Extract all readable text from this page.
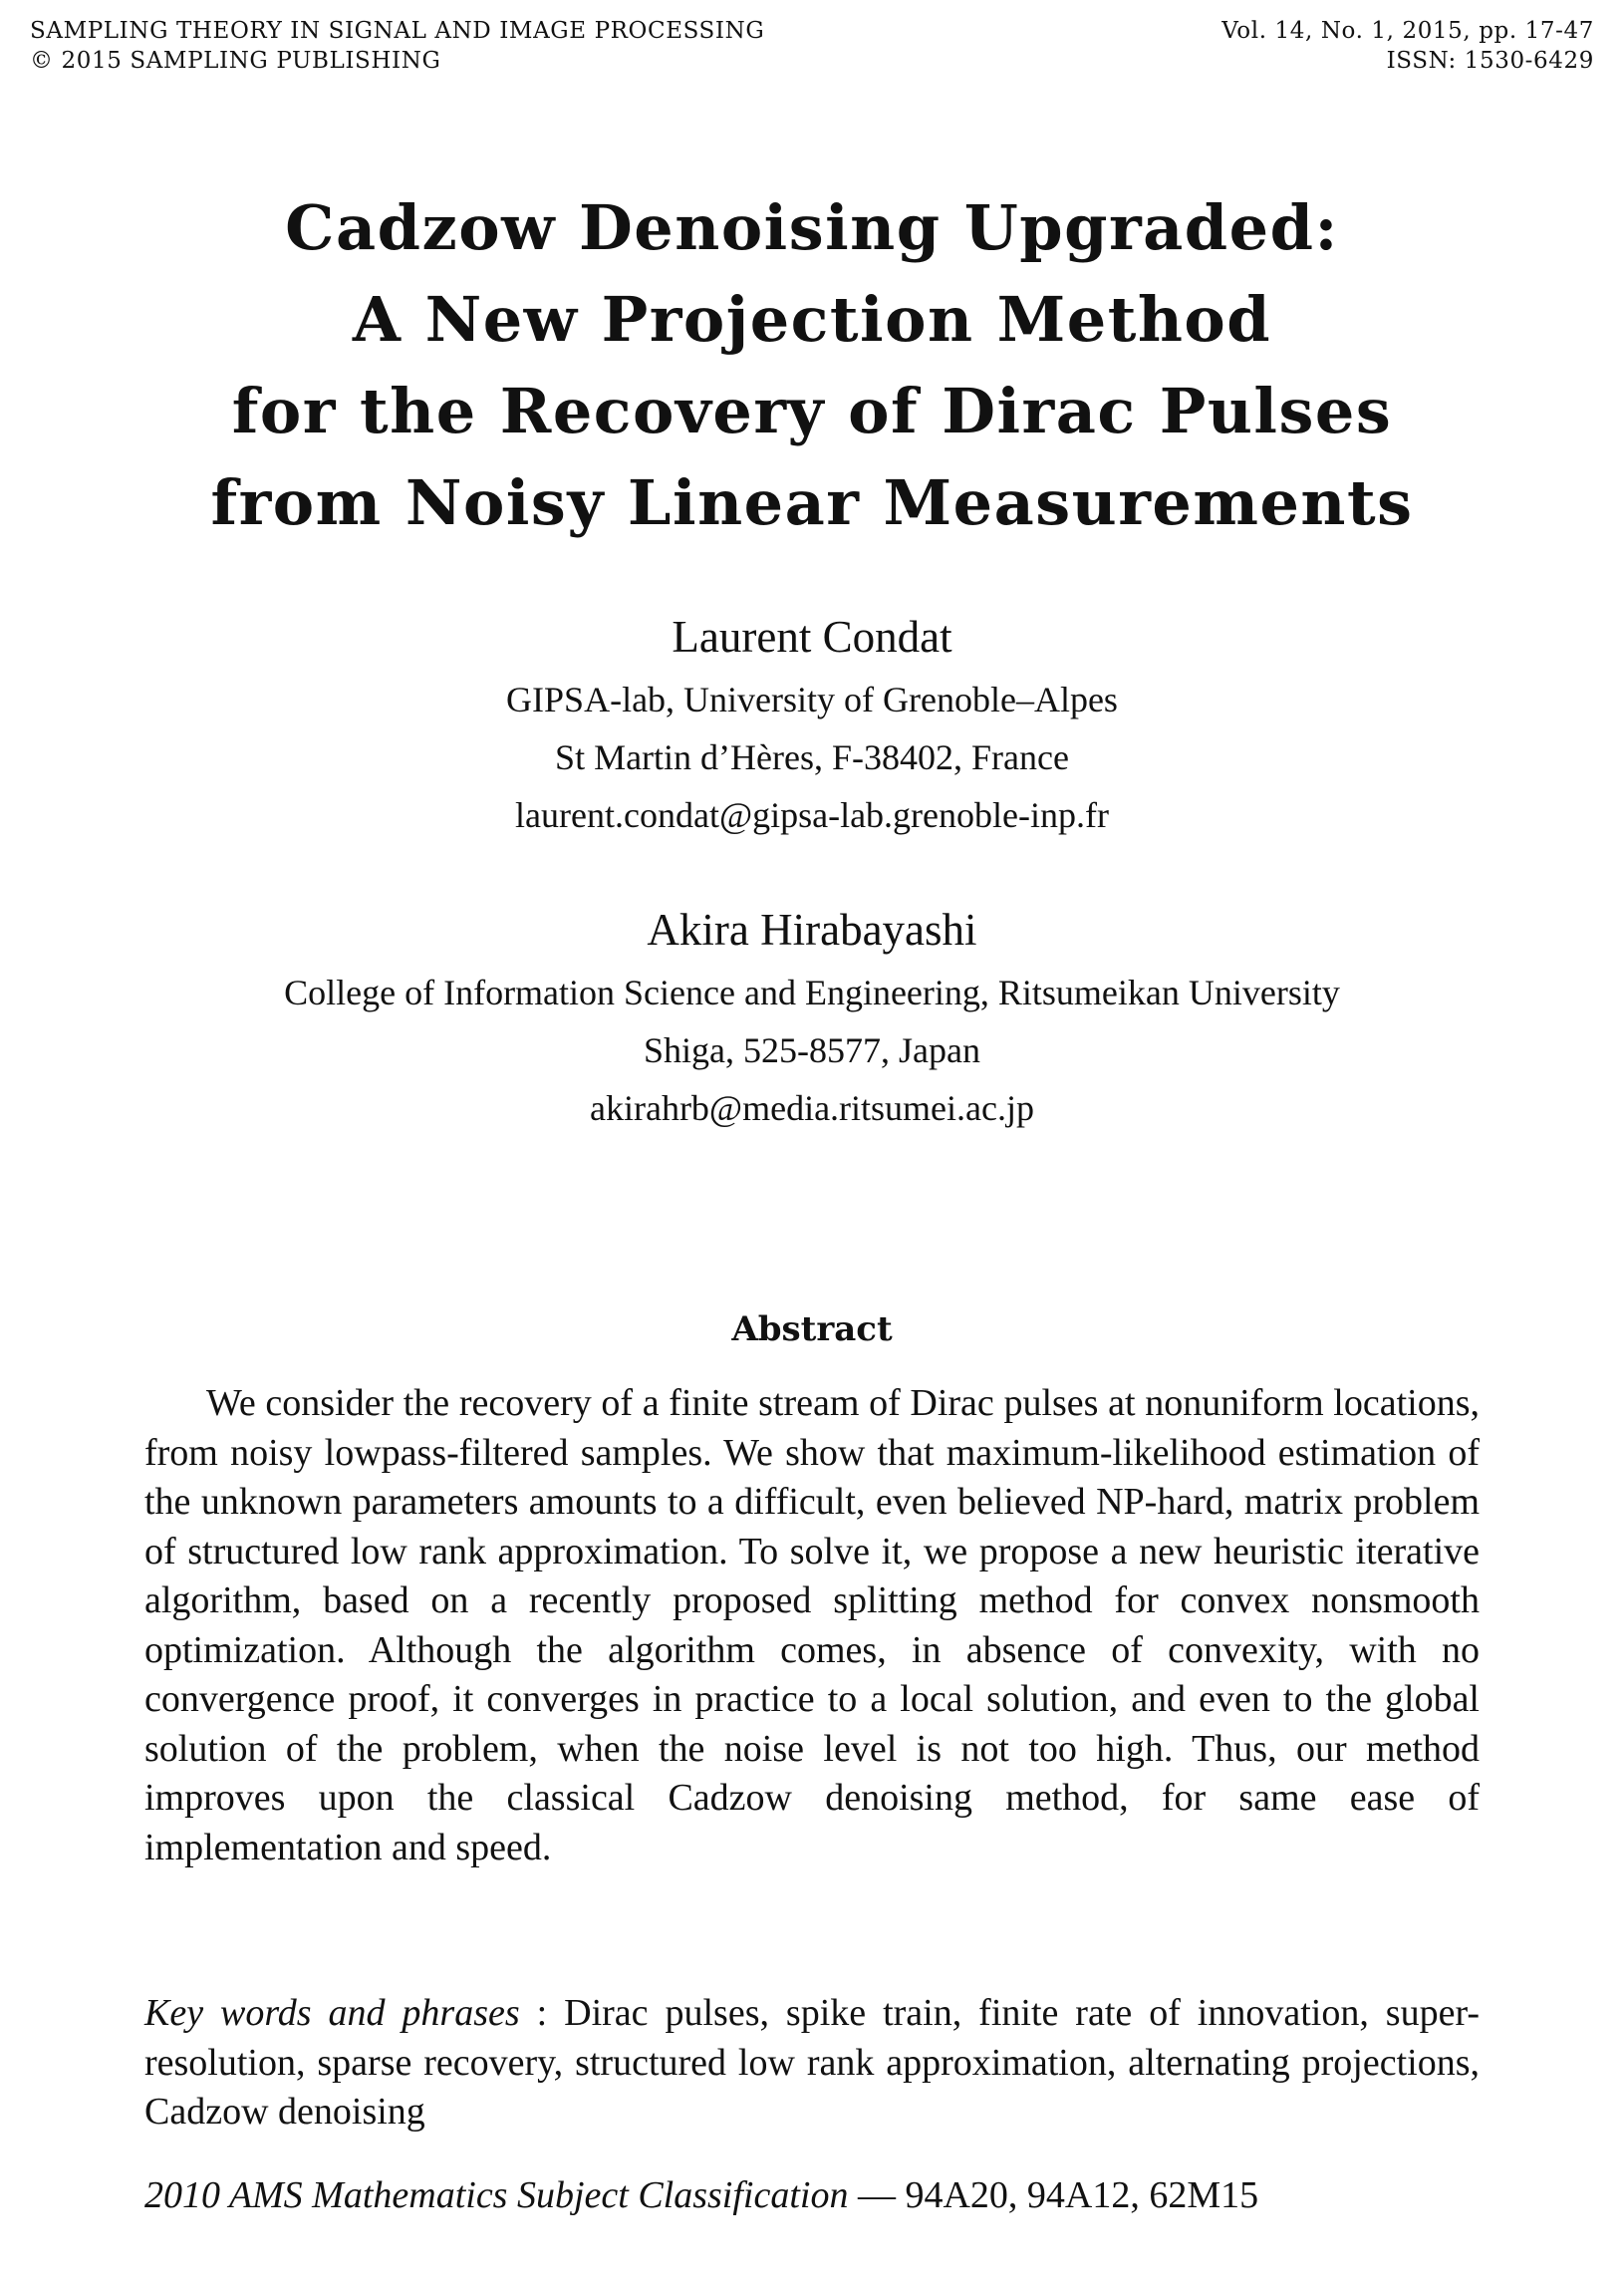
SAMPLING THEORY IN SIGNAL AND IMAGE PROCESSING
© 2015 SAMPLING PUBLISHING
Vol. 14, No. 1, 2015, pp. 17-47
ISSN: 1530-6429
Cadzow Denoising Upgraded:
A New Projection Method
for the Recovery of Dirac Pulses
from Noisy Linear Measurements
Laurent Condat
GIPSA-lab, University of Grenoble–Alpes
St Martin d’Hères, F-38402, France
laurent.condat@gipsa-lab.grenoble-inp.fr
Akira Hirabayashi
College of Information Science and Engineering, Ritsumeikan University
Shiga, 525-8577, Japan
akirahrb@media.ritsumei.ac.jp
Abstract
We consider the recovery of a finite stream of Dirac pulses at nonuniform locations, from noisy lowpass-filtered samples. We show that maximum-likelihood estimation of the unknown parameters amounts to a difficult, even believed NP-hard, matrix problem of structured low rank approximation. To solve it, we propose a new heuristic iterative algorithm, based on a recently proposed splitting method for convex nonsmooth optimization. Although the algorithm comes, in absence of convexity, with no convergence proof, it converges in practice to a local solution, and even to the global solution of the problem, when the noise level is not too high. Thus, our method improves upon the classical Cadzow denoising method, for same ease of implementation and speed.
Key words and phrases : Dirac pulses, spike train, finite rate of innovation, super-resolution, sparse recovery, structured low rank approximation, alternating projections, Cadzow denoising
2010 AMS Mathematics Subject Classification — 94A20, 94A12, 62M15
